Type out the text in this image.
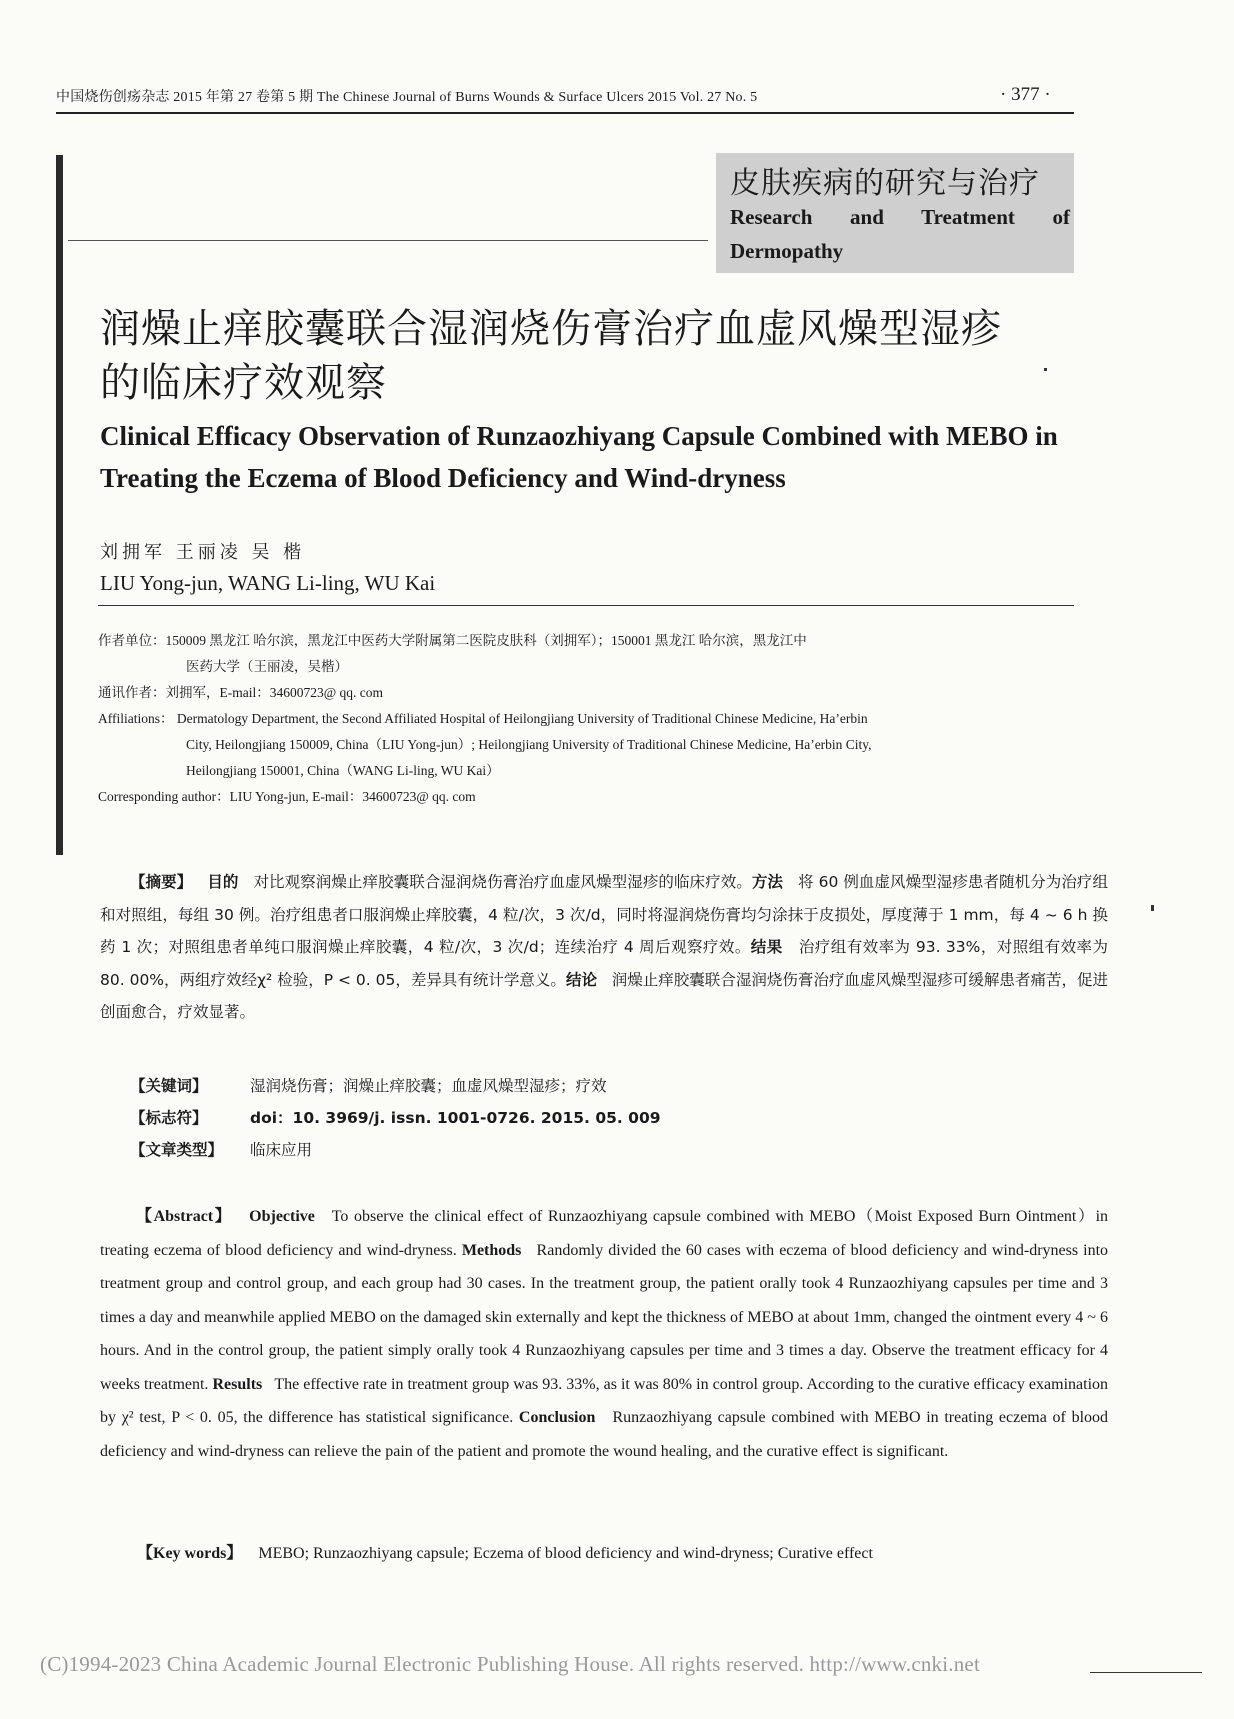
中国烧伤创疡杂志 2015 年第 27 卷第 5 期 The Chinese Journal of Burns Wounds & Surface Ulcers 2015 Vol. 27 No. 5	· 377 ·
皮肤疾病的研究与治疗
Research and Treatment of Dermopathy
润燥止痒胶囊联合湿润烧伤膏治疗血虚风燥型湿疹的临床疗效观察
Clinical Efficacy Observation of Runzaozhiyang Capsule Combined with MEBO in Treating the Eczema of Blood Deficiency and Wind-dryness
刘拥军 王丽凌 吴 楷
LIU Yong-jun, WANG Li-ling, WU Kai
作者单位：150009 黑龙江 哈尔滨，黑龙江中医药大学附属第二医院皮肤科（刘拥军）；150001 黑龙江 哈尔滨，黑龙江中
医药大学（王丽凌，吴楷）
通讯作者：刘拥军，E-mail：34600723@ qq. com
Affiliations： Dermatology Department, the Second Affiliated Hospital of Heilongjiang University of Traditional Chinese Medicine, Ha’erbin
City, Heilongjiang 150009, China（LIU Yong-jun）; Heilongjiang University of Traditional Chinese Medicine, Ha’erbin City,
Heilongjiang 150001, China（WANG Li-ling, WU Kai）
Corresponding author：LIU Yong-jun, E-mail：34600723@ qq. com
【摘要】 目的 对比观察润燥止痒胶囊联合湿润烧伤膏治疗血虚风燥型湿疹的临床疗效。方法 将 60 例血虚风燥型湿疹患者随机分为治疗组和对照组，每组 30 例。治疗组患者口服润燥止痒胶囊，4 粒/次，3 次/d，同时将湿润烧伤膏均匀涂抹于皮损处，厚度薄于 1 mm，每 4 ~ 6 h 换药 1 次；对照组患者单纯口服润燥止痒胶囊，4 粒/次，3 次/d；连续治疗 4 周后观察疗效。结果 治疗组有效率为 93. 33%，对照组有效率为 80. 00%，两组疗效经χ² 检验，P < 0. 05，差异具有统计学意义。结论 润燥止痒胶囊联合湿润烧伤膏治疗血虚风燥型湿疹可缓解患者痛苦，促进创面愈合，疗效显著。
【关键词】	湿润烧伤膏；润燥止痒胶囊；血虚风燥型湿疹；疗效
【标志符】	doi：10. 3969/j. issn. 1001-0726. 2015. 05. 009
【文章类型】 临床应用
【Abstract】 Objective To observe the clinical effect of Runzaozhiyang capsule combined with MEBO（Moist Exposed Burn Ointment）in treating eczema of blood deficiency and wind-dryness. Methods Randomly divided the 60 cases with eczema of blood deficiency and wind-dryness into treatment group and control group, and each group had 30 cases. In the treatment group, the patient orally took 4 Runzaozhiyang capsules per time and 3 times a day and meanwhile applied MEBO on the damaged skin externally and kept the thickness of MEBO at about 1mm, changed the ointment every 4 ~ 6 hours. And in the control group, the patient simply orally took 4 Runzaozhiyang capsules per time and 3 times a day. Observe the treatment efficacy for 4 weeks treatment. Results The effective rate in treatment group was 93. 33%, as it was 80% in control group. According to the curative efficacy examination by χ² test, P < 0. 05, the difference has statistical significance. Conclusion Runzaozhiyang capsule combined with MEBO in treating eczema of blood deficiency and wind-dryness can relieve the pain of the patient and promote the wound healing, and the curative effect is significant.
【Key words】 MEBO; Runzaozhiyang capsule; Eczema of blood deficiency and wind-dryness; Curative effect
(C)1994-2023 China Academic Journal Electronic Publishing House. All rights reserved. http://www.cnki.net
